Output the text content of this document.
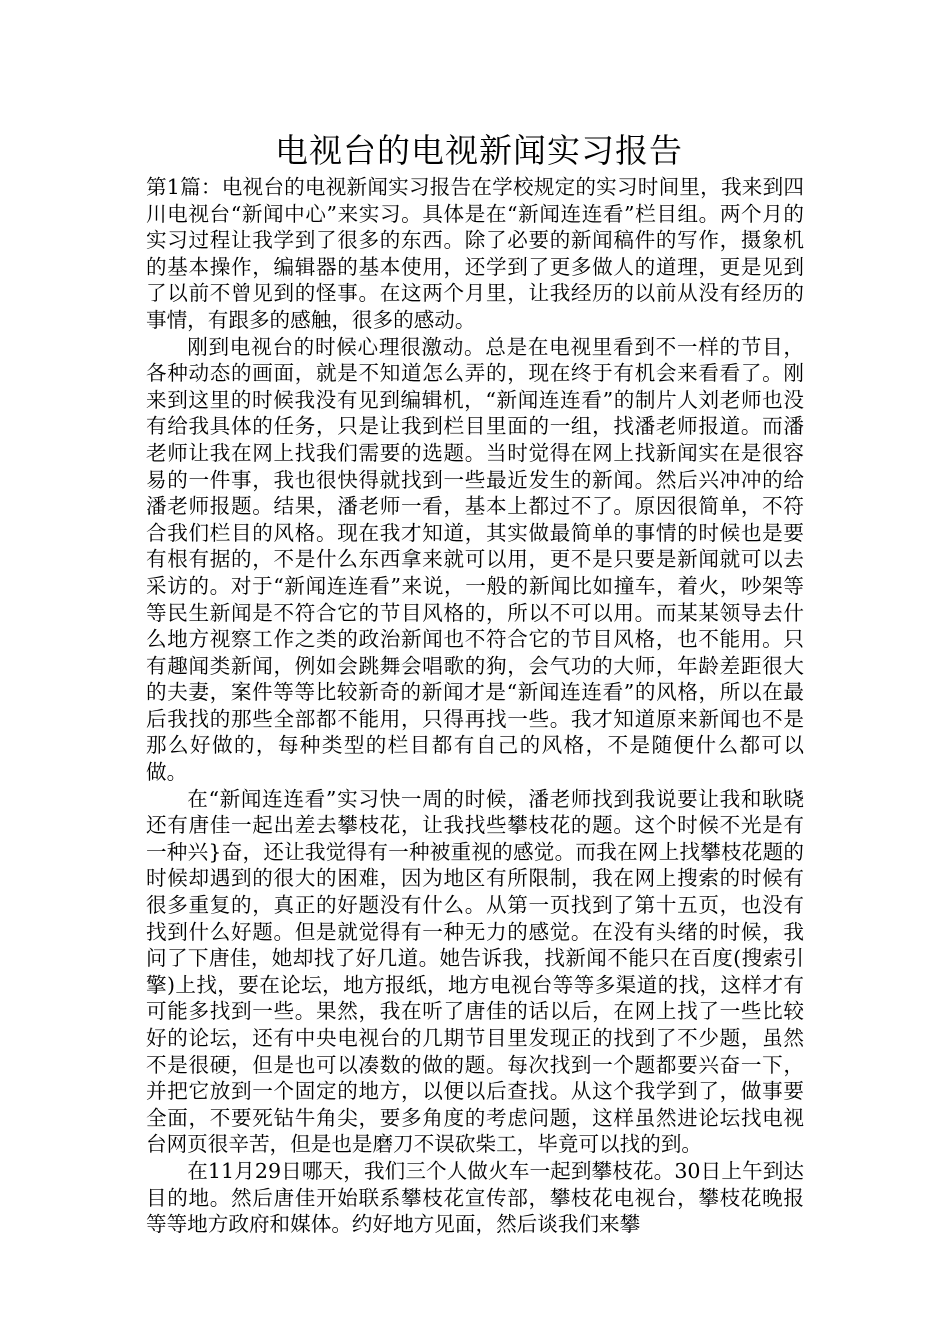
电视台的电视新闻实习报告

第1篇：电视台的电视新闻实习报告在学校规定的实习时间里，我来到四川电视台“新闻中心”来实习。具体是在“新闻连连看”栏目组。两个月的实习过程让我学到了很多的东西。除了必要的新闻稿件的写作，摄象机的基本操作，编辑器的基本使用，还学到了更多做人的道理，更是见到了以前不曾见到的怪事。在这两个月里，让我经历的以前从没有经历的事情，有跟多的感触，很多的感动。

刚到电视台的时候心理很激动。总是在电视里看到不一样的节目，各种动态的画面，就是不知道怎么弄的，现在终于有机会来看看了。刚来到这里的时候我没有见到编辑机，“新闻连连看”的制片人刘老师也没有给我具体的任务，只是让我到栏目里面的一组，找潘老师报道。而潘老师让我在网上找我们需要的选题。当时觉得在网上找新闻实在是很容易的一件事，我也很快得就找到一些最近发生的新闻。然后兴冲冲的给潘老师报题。结果，潘老师一看，基本上都过不了。原因很简单，不符合我们栏目的风格。现在我才知道，其实做最简单的事情的时候也是要有根有据的，不是什么东西拿来就可以用，更不是只要是新闻就可以去采访的。对于“新闻连连看”来说，一般的新闻比如撞车，着火，吵架等等民生新闻是不符合它的节目风格的，所以不可以用。而某某领导去什么地方视察工作之类的政治新闻也不符合它的节目风格，也不能用。只有趣闻类新闻，例如会跳舞会唱歌的狗，会气功的大师，年龄差距很大的夫妻，案件等等比较新奇的新闻才是“新闻连连看”的风格，所以在最后我找的那些全部都不能用，只得再找一些。我才知道原来新闻也不是那么好做的，每种类型的栏目都有自己的风格，不是随便什么都可以做。

在“新闻连连看”实习快一周的时候，潘老师找到我说要让我和耿晓还有唐佳一起出差去攀枝花，让我找些攀枝花的题。这个时候不光是有一种兴}奋，还让我觉得有一种被重视的感觉。而我在网上找攀枝花题的时候却遇到的很大的困难，因为地区有所限制，我在网上搜索的时候有很多重复的，真正的好题没有什么。从第一页找到了第十五页，也没有找到什么好题。但是就觉得有一种无力的感觉。在没有头绪的时候，我问了下唐佳，她却找了好几道。她告诉我，找新闻不能只在百度(搜索引擎)上找，要在论坛，地方报纸，地方电视台等等多渠道的找，这样才有可能多找到一些。果然，我在听了唐佳的话以后，在网上找了一些比较好的论坛，还有中央电视台的几期节目里发现正的找到了不少题，虽然不是很硬，但是也可以凑数的做的题。每次找到一个题都要兴奋一下，并把它放到一个固定的地方，以便以后查找。从这个我学到了，做事要全面，不要死钻牛角尖，要多角度的考虑问题，这样虽然进论坛找电视台网页很辛苦，但是也是磨刀不误砍柴工，毕竟可以找的到。

在11月29日哪天，我们三个人做火车一起到攀枝花。30日上午到达目的地。然后唐佳开始联系攀枝花宣传部，攀枝花电视台，攀枝花晚报等等地方政府和媒体。约好地方见面，然后谈我们来攀
